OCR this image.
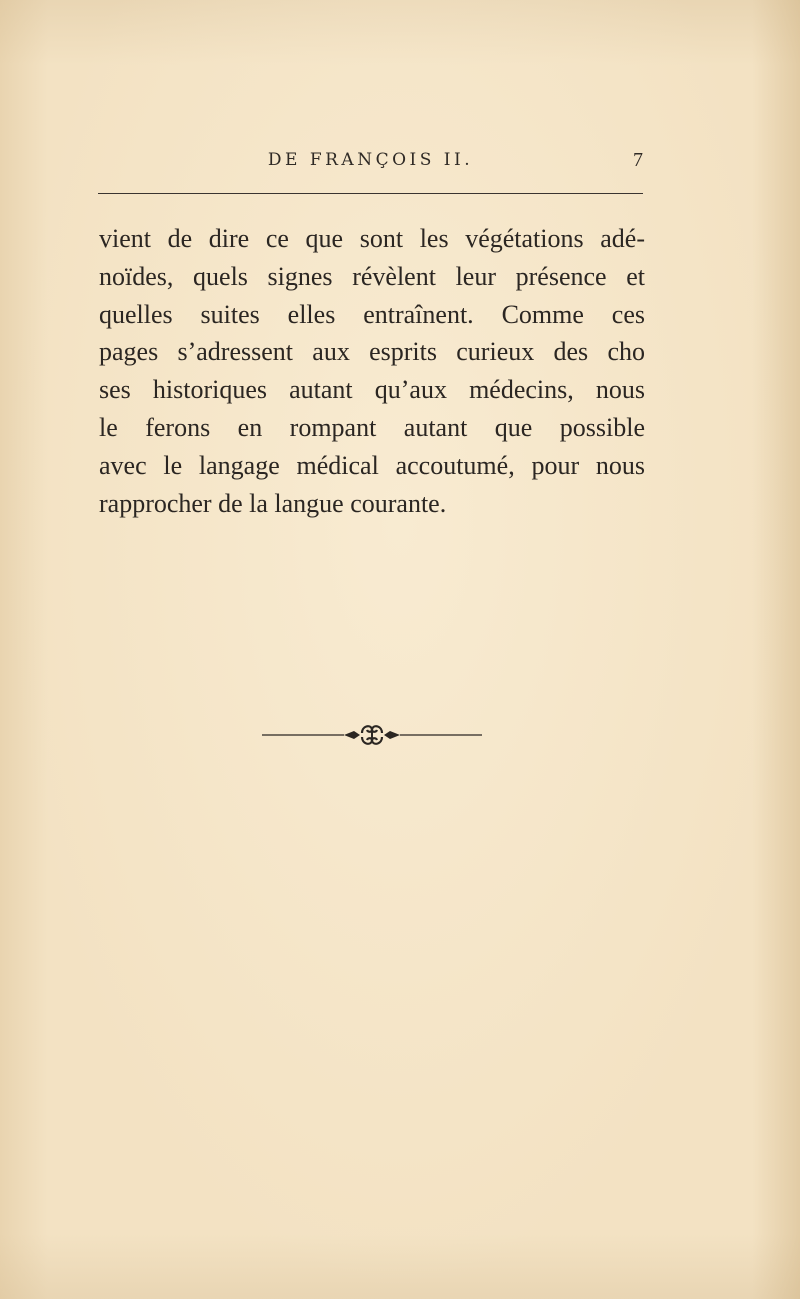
DE FRANÇOIS II.	7
vient de dire ce que sont les végétations adé-
noïdes, quels signes révèlent leur présence et
quelles suites elles entraînent. Comme ces
pages s’adressent aux esprits curieux des cho
ses historiques autant qu’aux médecins, nous
le ferons en rompant autant que possible
avec le langage médical accoutumé, pour nous
rapprocher de la langue courante.
